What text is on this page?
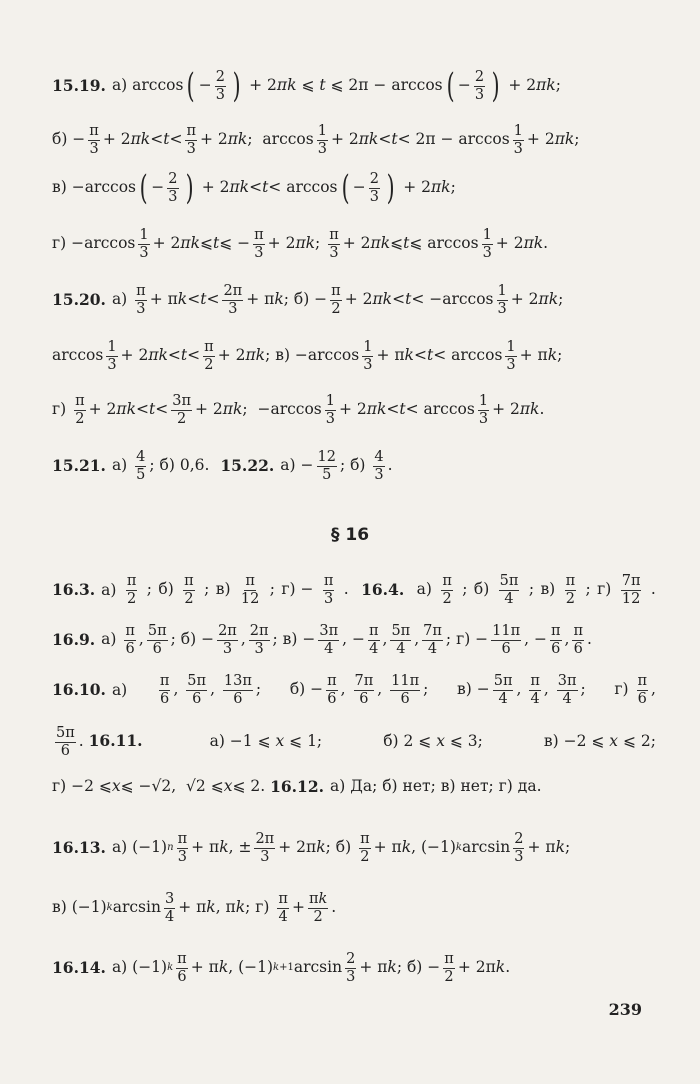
15.19. а) arccos ( − $\frac{2}{3}$ ) + 2 πk ⩽ t ⩽ 2π − arccos ( − $\frac{2}{3}$ ) + 2 πk ;
$б) - \frac{\pi}{3} + 2$ $\pi k < t < \frac{\pi}{3} + 2$ πk ;  $\arccos \frac{1}{3} + 2$ $\pi k < t < 2\pi - \arccos \frac{1}{3} + 2$ πk ;
в) −arccos ( − $\frac{2}{3}$ ) + 2 πk < t < arccos ( − $\frac{2}{3}$ ) + 2 πk ;
$г) -\arccos \frac{1}{3} + 2$ πk ⩽ t ⩽ − $\frac{\pi}{3} + 2$ πk ; $\frac{\pi}{3} + 2$ πk ⩽ t ⩽ $\arccos \frac{1}{3} + 2$ πk .
15.20. $а) \frac{\pi}{3} + \pi$ $k < t < \frac{2\pi}{3} + \pi$ k ; $б) - \frac{\pi}{2} + 2$ $\pi k < t < -\arccos \frac{1}{3} + 2$ πk ;
$\arccos \frac{1}{3} + 2$ $\pi k < t < \frac{\pi}{2} + 2$ πk ; $в) -\arccos \frac{1}{3} + \pi$ $k < t < \arccos \frac{1}{3} + \pi$ k ;
$г) \frac{\pi}{2} + 2$ $\pi k < t < \frac{3\pi}{2} + 2$ πk ;  $-\arccos \frac{1}{3} + 2$ $\pi k < t < \arccos \frac{1}{3} + 2$ πk .
15.21. $а) \frac{4}{5}$ ; б) 0,6. 15.22. $а) - \frac{12}{5}$ ; $б) \frac{4}{3}$ .
§ 16
16.3. $а) \frac{\pi}{2}$ ; $б) \frac{\pi}{2}$ ; $в) \frac{\pi}{12}$ ; $г) - \frac{\pi}{3}$ . 16.4. $а) \frac{\pi}{2}$ ; $б) \frac{5\pi}{4}$ ; $в) \frac{\pi}{2}$ ; $г) \frac{7\pi}{12}$ .
16.9. $а) \frac{\pi}{6}$ , $\frac{5\pi}{6}$ ; $б) - \frac{2\pi}{3}$ , $\frac{2\pi}{3}$ ; $в) - \frac{3\pi}{4}$ , − $\frac{\pi}{4}$ , $\frac{5\pi}{4}$ , $\frac{7\pi}{4}$ ; $г) - \frac{11\pi}{6}$ , − $\frac{\pi}{6}$ , $\frac{\pi}{6}$ .
16.10. $а) \frac{\pi}{6}$ , $\frac{5\pi}{6}$ , $\frac{13\pi}{6}$ ; $б) - \frac{\pi}{6}$ , $\frac{7\pi}{6}$ , $\frac{11\pi}{6}$ ; $в) - \frac{5\pi}{4}$ , $\frac{\pi}{4}$ , $\frac{3\pi}{4}$ ; $г) \frac{\pi}{6}$ ,
$\frac{5\pi}{6}$ . 16.11.	а) −1 ⩽ x ⩽ 1;	б) 2 ⩽ x ⩽ 3;	в) −2 ⩽ x ⩽ 2;
г) −2 ⩽ x ⩽ −√2,  √2 ⩽ x ⩽ 2. 16.12. а) Да; б) нет; в) нет; г) да.
16.13. а) (−1) n $\frac{\pi}{3} + \pi$ k , ± $\frac{2\pi}{3} + 2\pi$ k ; $б) \frac{\pi}{2} + \pi$ k , (−1) k $\arcsin \frac{2}{3} + \pi$ k ;
в) (−1) k $\arcsin \frac{3}{4} + \pi$ k , π k ; $г) \frac{\pi}{4} + \frac{\pi k}{2}$ .
16.14. а) (−1) k $\frac{\pi}{6} + \pi$ k , (−1) k+1 $\arcsin \frac{2}{3} + \pi$ k ; $б) - \frac{\pi}{2} + 2\pi$ k .
239
